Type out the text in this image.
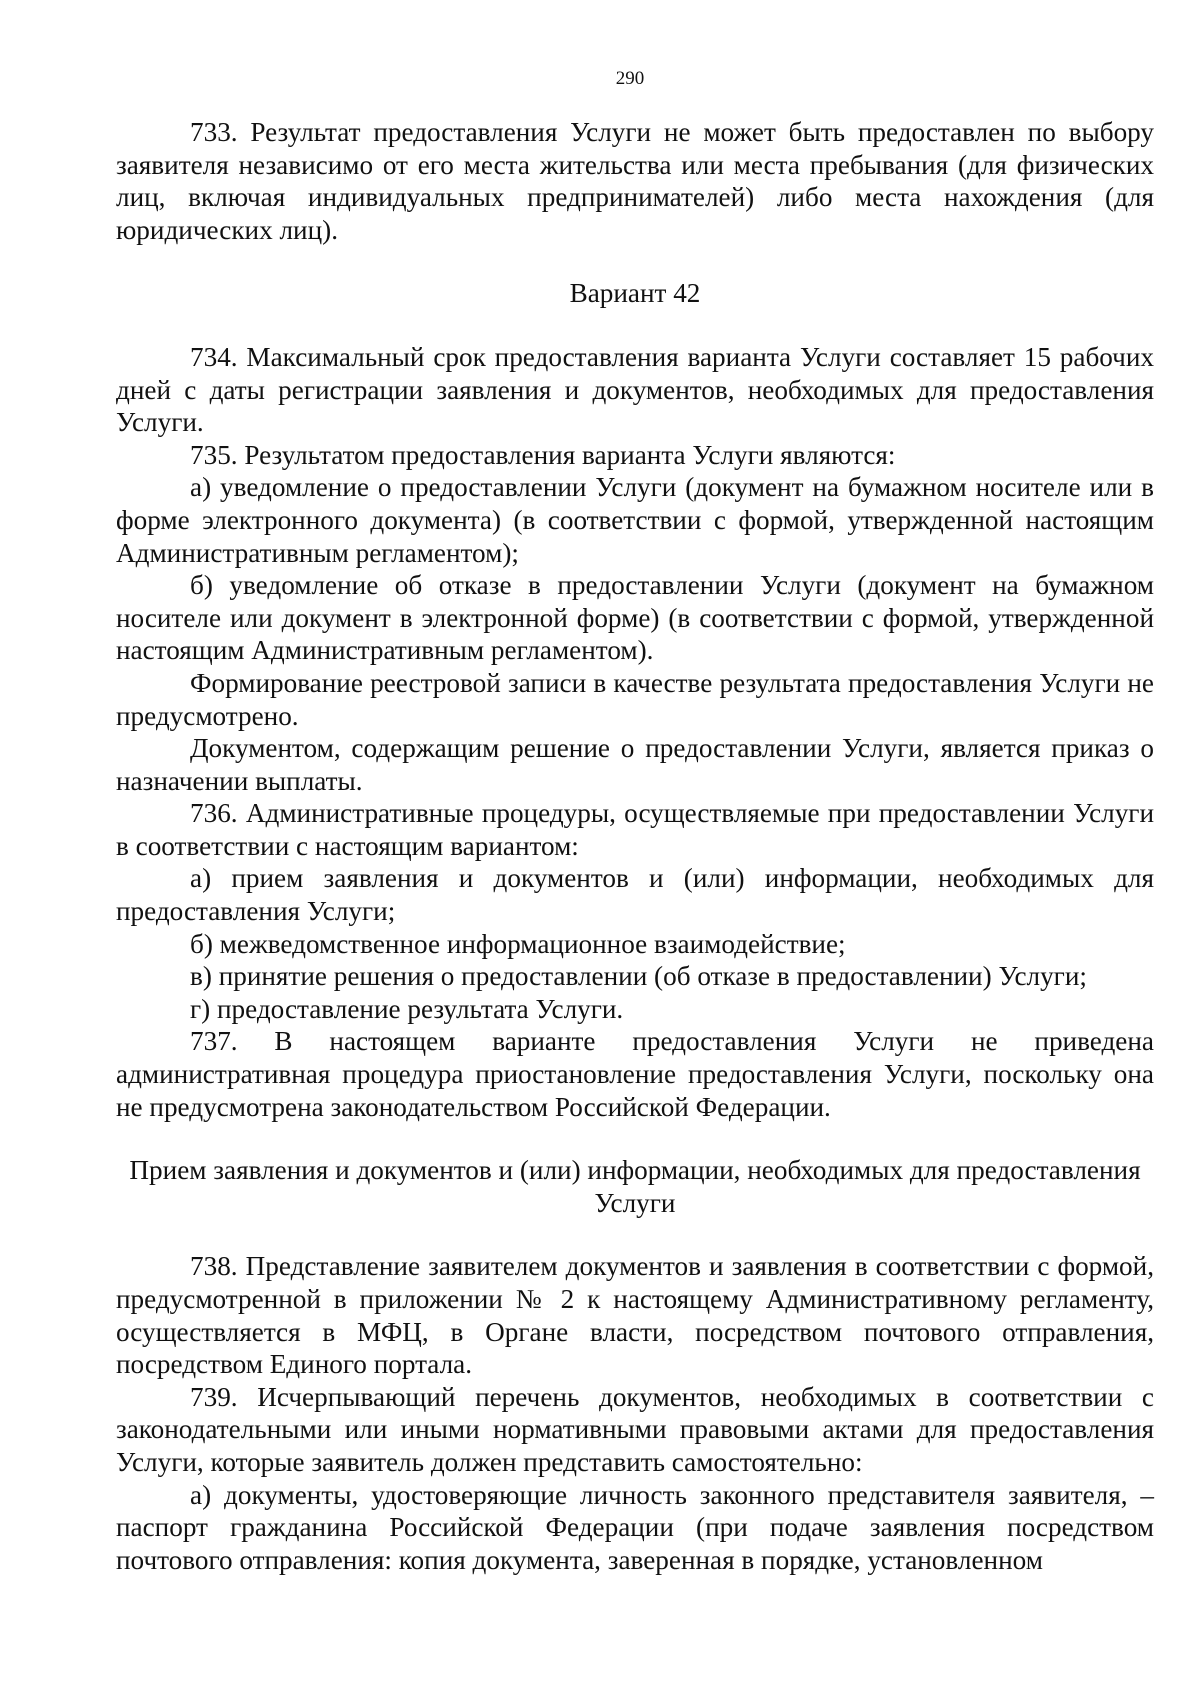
290

733. Результат предоставления Услуги не может быть предоставлен по выбору заявителя независимо от его места жительства или места пребывания (для физических лиц, включая индивидуальных предпринимателей) либо места нахождения (для юридических лиц).

Вариант 42

734. Максимальный срок предоставления варианта Услуги составляет 15 рабочих дней с даты регистрации заявления и документов, необходимых для предоставления Услуги.

735. Результатом предоставления варианта Услуги являются:

а) уведомление о предоставлении Услуги (документ на бумажном носителе или в форме электронного документа) (в соответствии с формой, утвержденной настоящим Административным регламентом);

б) уведомление об отказе в предоставлении Услуги (документ на бумажном носителе или документ в электронной форме) (в соответствии с формой, утвержденной настоящим Административным регламентом).

Формирование реестровой записи в качестве результата предоставления Услуги не предусмотрено.

Документом, содержащим решение о предоставлении Услуги, является приказ о назначении выплаты.

736. Административные процедуры, осуществляемые при предоставлении Услуги в соответствии с настоящим вариантом:

а) прием заявления и документов и (или) информации, необходимых для предоставления Услуги;

б) межведомственное информационное взаимодействие;

в) принятие решения о предоставлении (об отказе в предоставлении) Услуги;

г) предоставление результата Услуги.

737. В настоящем варианте предоставления Услуги не приведена административная процедура приостановление предоставления Услуги, поскольку она не предусмотрена законодательством Российской Федерации.

Прием заявления и документов и (или) информации, необходимых для предоставления Услуги

738. Представление заявителем документов и заявления в соответствии с формой, предусмотренной в приложении № 2 к настоящему Административному регламенту, осуществляется в МФЦ, в Органе власти, посредством почтового отправления, посредством Единого портала.

739. Исчерпывающий перечень документов, необходимых в соответствии с законодательными или иными нормативными правовыми актами для предоставления Услуги, которые заявитель должен представить самостоятельно:

а) документы, удостоверяющие личность законного представителя заявителя, – паспорт гражданина Российской Федерации (при подаче заявления посредством почтового отправления: копия документа, заверенная в порядке, установленном
